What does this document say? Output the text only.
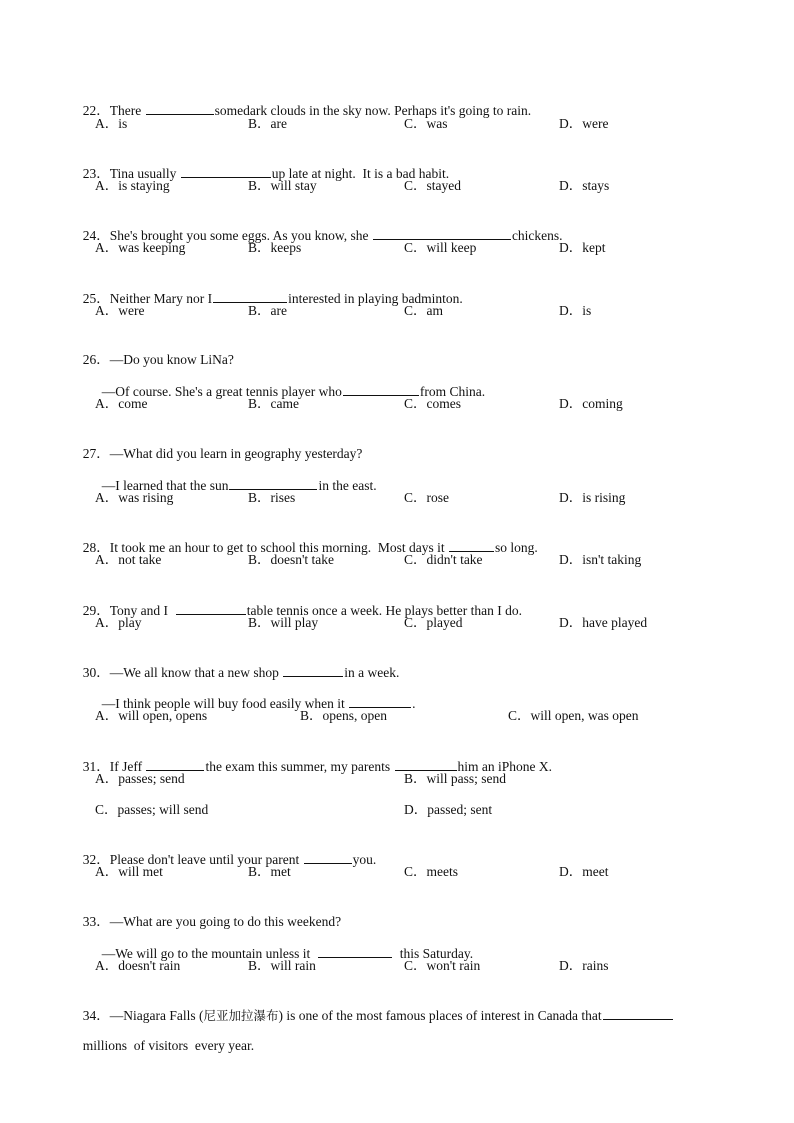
22．There	somedark clouds in the sky now. Perhaps it's going to rain.

A．is	B．are	C．was	D．were

23．Tina usually	up late at night.  It is a bad habit.

A．is staying	B．will stay	C．stayed	D．stays

24．She's brought you some eggs. As you know, she	chickens.

A．was keeping	B．keeps	C．will keep	D．kept

25．Neither Mary nor I	interested in playing badminton.

A．were	B．are	C．am	D．is

26．—Do you know LiNa?

—Of course. She's a great tennis player who	from China.

A．come	B．came	C．comes	D．coming

27．—What did you learn in geography yesterday?

—I learned that the sun	in the east.

A．was rising	B．rises	C．rose	D．is rising

28．It took me an hour to get to school this morning.  Most days it	so long.

A．not take	B．doesn't take	C．didn't take	D．isn't taking

29．Tony and I	table tennis once a week. He plays better than I do.

A．play	B．will play	C．played	D．have played

30．—We all know that a new shop	in a week.

—I think people will buy food easily when it	.

A．will open, opens	B．opens, open	C．will open, was open

31．If Jeff	the exam this summer, my parents	him an iPhone X.

A．passes; send	B．will pass; send
C．passes; will send	D．passed; sent

32．Please don't leave until your parent	you.

A．will met	B．met	C．meets	D．meet

33．—What are you going to do this weekend?

—We will go to the mountain unless it	this Saturday.

A．doesn't rain	B．will rain	C．won't rain	D．rains

34．—Niagara Falls (尼亚加拉瀑布) is one of the most famous places of interest in Canada that

millions  of visitors  every year.
